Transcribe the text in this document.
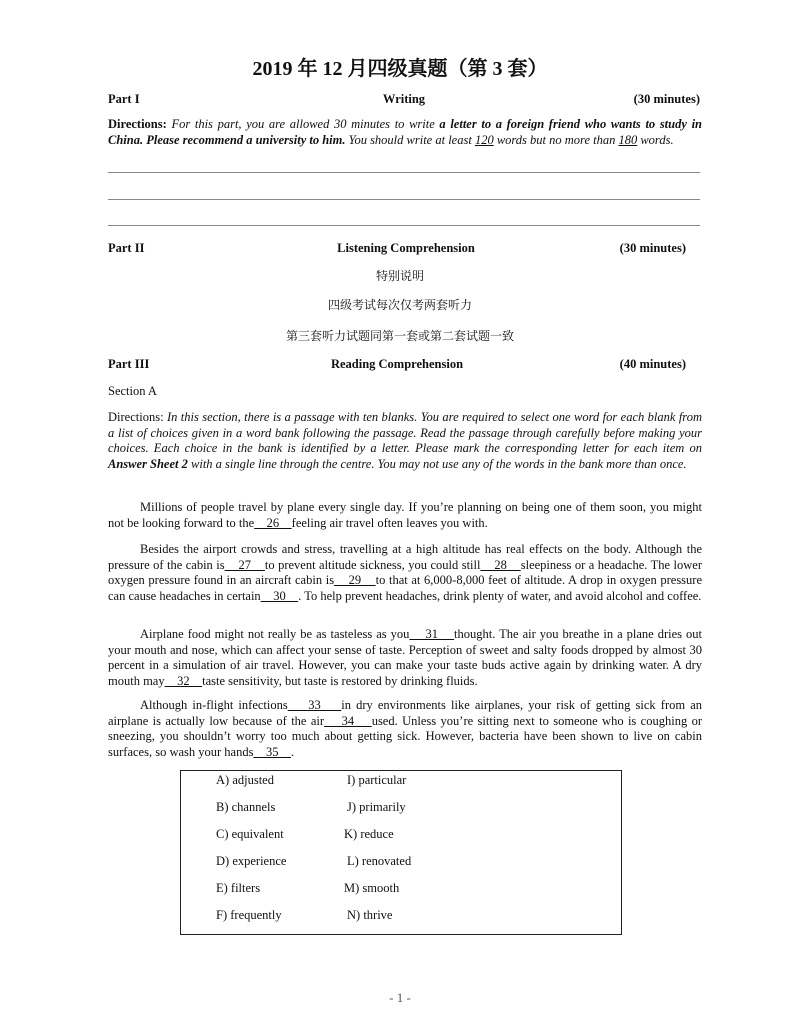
2019 年 12 月四级真题（第 3 套）
Part I	Writing	(30 minutes)
Directions: For this part, you are allowed 30 minutes to write a letter to a foreign friend who wants to study in China. Please recommend a university to him. You should write at least 120 words but no more than 180 words.
Part II	Listening Comprehension	(30 minutes)
特别说明
四级考试每次仅考两套听力
第三套听力试题同第一套或第二套试题一致
Part III	Reading Comprehension	(40 minutes)
Section A
Directions: In this section, there is a passage with ten blanks. You are required to select one word for each blank from a list of choices given in a word bank following the passage. Read the passage through carefully before making your choices. Each choice in the bank is identified by a letter. Please mark the corresponding letter for each item on Answer Sheet 2 with a single line through the centre. You may not use any of the words in the bank more than once.
Millions of people travel by plane every single day. If you’re planning on being one of them soon, you might not be looking forward to the    26    feeling air travel often leaves you with.
Besides the airport crowds and stress, travelling at a high altitude has real effects on the body. Although the pressure of the cabin is    27    to prevent altitude sickness, you could still    28    sleepiness or a headache. The lower oxygen pressure found in an aircraft cabin is    29    to that at 6,000-8,000 feet of altitude. A drop in oxygen pressure can cause headaches in certain    30    . To help prevent headaches, drink plenty of water, and avoid alcohol and coffee.
Airplane food might not really be as tasteless as you    31    thought. The air you breathe in a plane dries out your mouth and nose, which can affect your sense of taste. Perception of sweet and salty foods dropped by almost 30 percent in a simulation of air travel. However, you can make your taste buds active again by drinking water. A dry mouth may    32    taste sensitivity, but taste is restored by drinking fluids.
Although in-flight infections    33    in dry environments like airplanes, your risk of getting sick from an airplane is actually low because of the air    34    used. Unless you’re sitting next to someone who is coughing or sneezing, you shouldn’t worry too much about getting sick. However, bacteria have been shown to live on cabin surfaces, so wash your hands    35    .
A) adjusted
B) channels
C) equivalent
D) experience
E) filters
F) frequently
I) particular
J) primarily
K) reduce
L) renovated
M) smooth
N) thrive
- 1 -
